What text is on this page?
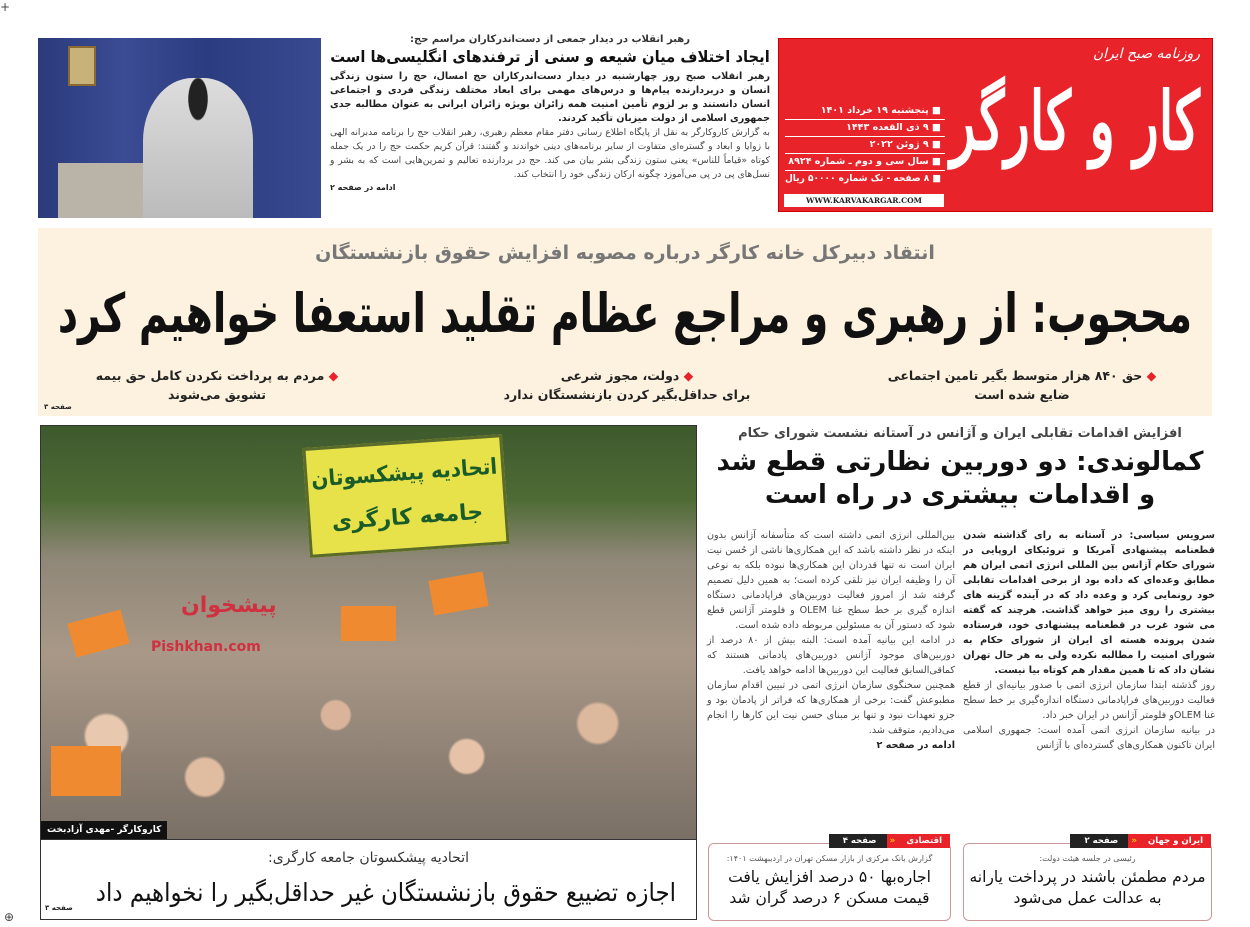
+
رهبر انقلاب در دیدار جمعی از دست‌اندرکاران مراسم حج:
ایجاد اختلاف میان شیعه و سنی از ترفندهای انگلیسی‌ها است

رهبر انقلاب صبح روز چهارشنبه در دیدار دست‌اندرکاران حج امسال، حج را ستون زندگی انسان و دربردارنده پیام‌ها و درس‌های مهمی برای ابعاد مختلف زندگی فردی و اجتماعی انسان دانستند و بر لزوم تأمین امنیت همه زائران بویژه زائران ایرانی به عنوان مطالبه جدی جمهوری اسلامی از دولت میزبان تأکید کردند.

به گزارش کاروکارگر به نقل از پایگاه اطلاع رسانی دفتر مقام معظم رهبری، رهبر انقلاب حج را برنامه مدبرانه الهی با زوایا و ابعاد و گستره‌ای متفاوت از سایر برنامه‌های دینی خواندند و گفتند: قرآن کریم حکمت حج را در یک جمله کوتاه «قیاماً للناس» یعنی ستون زندگی بشر بیان می کند. حج در بردارنده تعالیم و تمرین‌هایی است که به بشر و نسل‌های پی در پی می‌آموزد چگونه ارکان زندگی خود را انتخاب کند.

ادامه در صفحه ۲
روزنامه صبح ایران
کار و کارگر
■ پنجشنبه ۱۹ خرداد ۱۴۰۱
■ ۹ ذی القعده ۱۴۴۳
■ ۹ ژوئن ۲۰۲۲
■ سال سی و دوم ـ شماره ۸۹۲۴
■ ۸ صفحه - تک شماره ۵۰۰۰۰ ریال
WWW.KARVAKARGAR.COM
انتقاد دبیرکل خانه کارگر درباره مصوبه افزایش حقوق بازنشستگان
محجوب: از رهبری و مراجع عظام تقلید استعفا خواهیم کرد
◆ حق ۸۴۰ هزار متوسط بگیر تامین اجتماعی
ضایع شده است
◆ دولت، مجوز شرعی
برای حداقل‌بگیر کردن بازنشستگان ندارد
◆ مردم به پرداخت نکردن کامل حق بیمه
تشویق می‌شوند
صفحه ۳
اتحادیه پیشکسوتان
جامعه کارگری
پیشخوان
Pishkhan.com
کاروکارگر -مهدی آزادبخت
اتحادیه پیشکسوتان جامعه کارگری:
اجازه تضییع حقوق بازنشستگان غیر حداقل‌بگیر را نخواهیم داد
صفحه ۳
افزایش اقدامات تقابلی ایران و آژانس در آستانه نشست شورای حکام
کمالوندی: دو دوربین نظارتی قطع شد
و اقدامات بیشتری در راه است

سرویس سیاسی: در آستانه به رای گذاشته شدن قطعنامه پیشنهادی آمریکا و تروئیکای اروپایی در شورای حکام آژانس بین المللی انرژی اتمی ایران هم مطابق وعده‌ای که داده بود از برخی اقدامات تقابلی خود رونمایی کرد و وعده داد که در آینده گزینه های بیشتری را روی میز خواهد گذاشت. هرچند که گفته می شود غرب در قطعنامه پیشنهادی خود، فرستاده شدن پرونده هسته ای ایران از شورای حکام به شورای امنیت را مطالبه نکرده ولی به هر حال تهران نشان داد که تا همین مقدار هم کوتاه بیا نیست.

روز گذشته ابتدا سازمان انرژی اتمی با صدور بیانیه‌ای از قطع فعالیت دوربین‌های فراپادمانی دستگاه اندازه‌گیری بر خط سطح غنا OLEMو فلومتر آژانس در ایران خبر داد.

در بیانیه سازمان انرژی اتمی آمده است: جمهوری اسلامی ایران تاکنون همکاری‌های گسترده‌ای با آژانس

بین‌المللی انرژی اتمی داشته است که متأسفانه آژانس بدون اینکه در نظر داشته باشد که این همکاری‌ها ناشی از حُسن نیت ایران است نه تنها قدردان این همکاری‌ها نبوده بلکه به نوعی آن را وظیفه ایران نیز تلقی کرده است؛ به همین دلیل تصمیم گرفته شد از امروز فعالیت دوربین‌های فراپادمانی دستگاه اندازه گیری بر خط سطح غنا OLEM و فلومتر آژانس قطع شود که دستور آن به مسئولین مربوطه داده شده است.

در ادامه این بیانیه آمده است: البته بیش از ۸۰ درصد از دوربین‌های موجود آژانس دوربین‌های پادمانی هستند که کماقی‌السابق فعالیت این دوربین‌ها ادامه خواهد یافت.

همچنین سخنگوی سازمان انرژی اتمی در تبیین اقدام سازمان مطبوعش گفت: برخی از همکاری‌ها که فراتر از پادمان بود و جزو تعهدات نبود و تنها بر مبنای حسن نیت این کارها را انجام می‌دادیم، متوقف شد.

ادامه در صفحه ۲

ایران و جهان
«
صفحه ۲
رئیسی در جلسه هیئت دولت:
مردم مطمئن باشند در پرداخت یارانه
به عدالت عمل می‌شود
اقتصادی
«
صفحه ۴
گزارش بانک مرکزی از بازار مسکن تهران در اردیبهشت ۱۴۰۱:
اجاره‌بها ۵۰ درصد افزایش یافت
قیمت مسکن ۶ درصد گران شد
⊕
